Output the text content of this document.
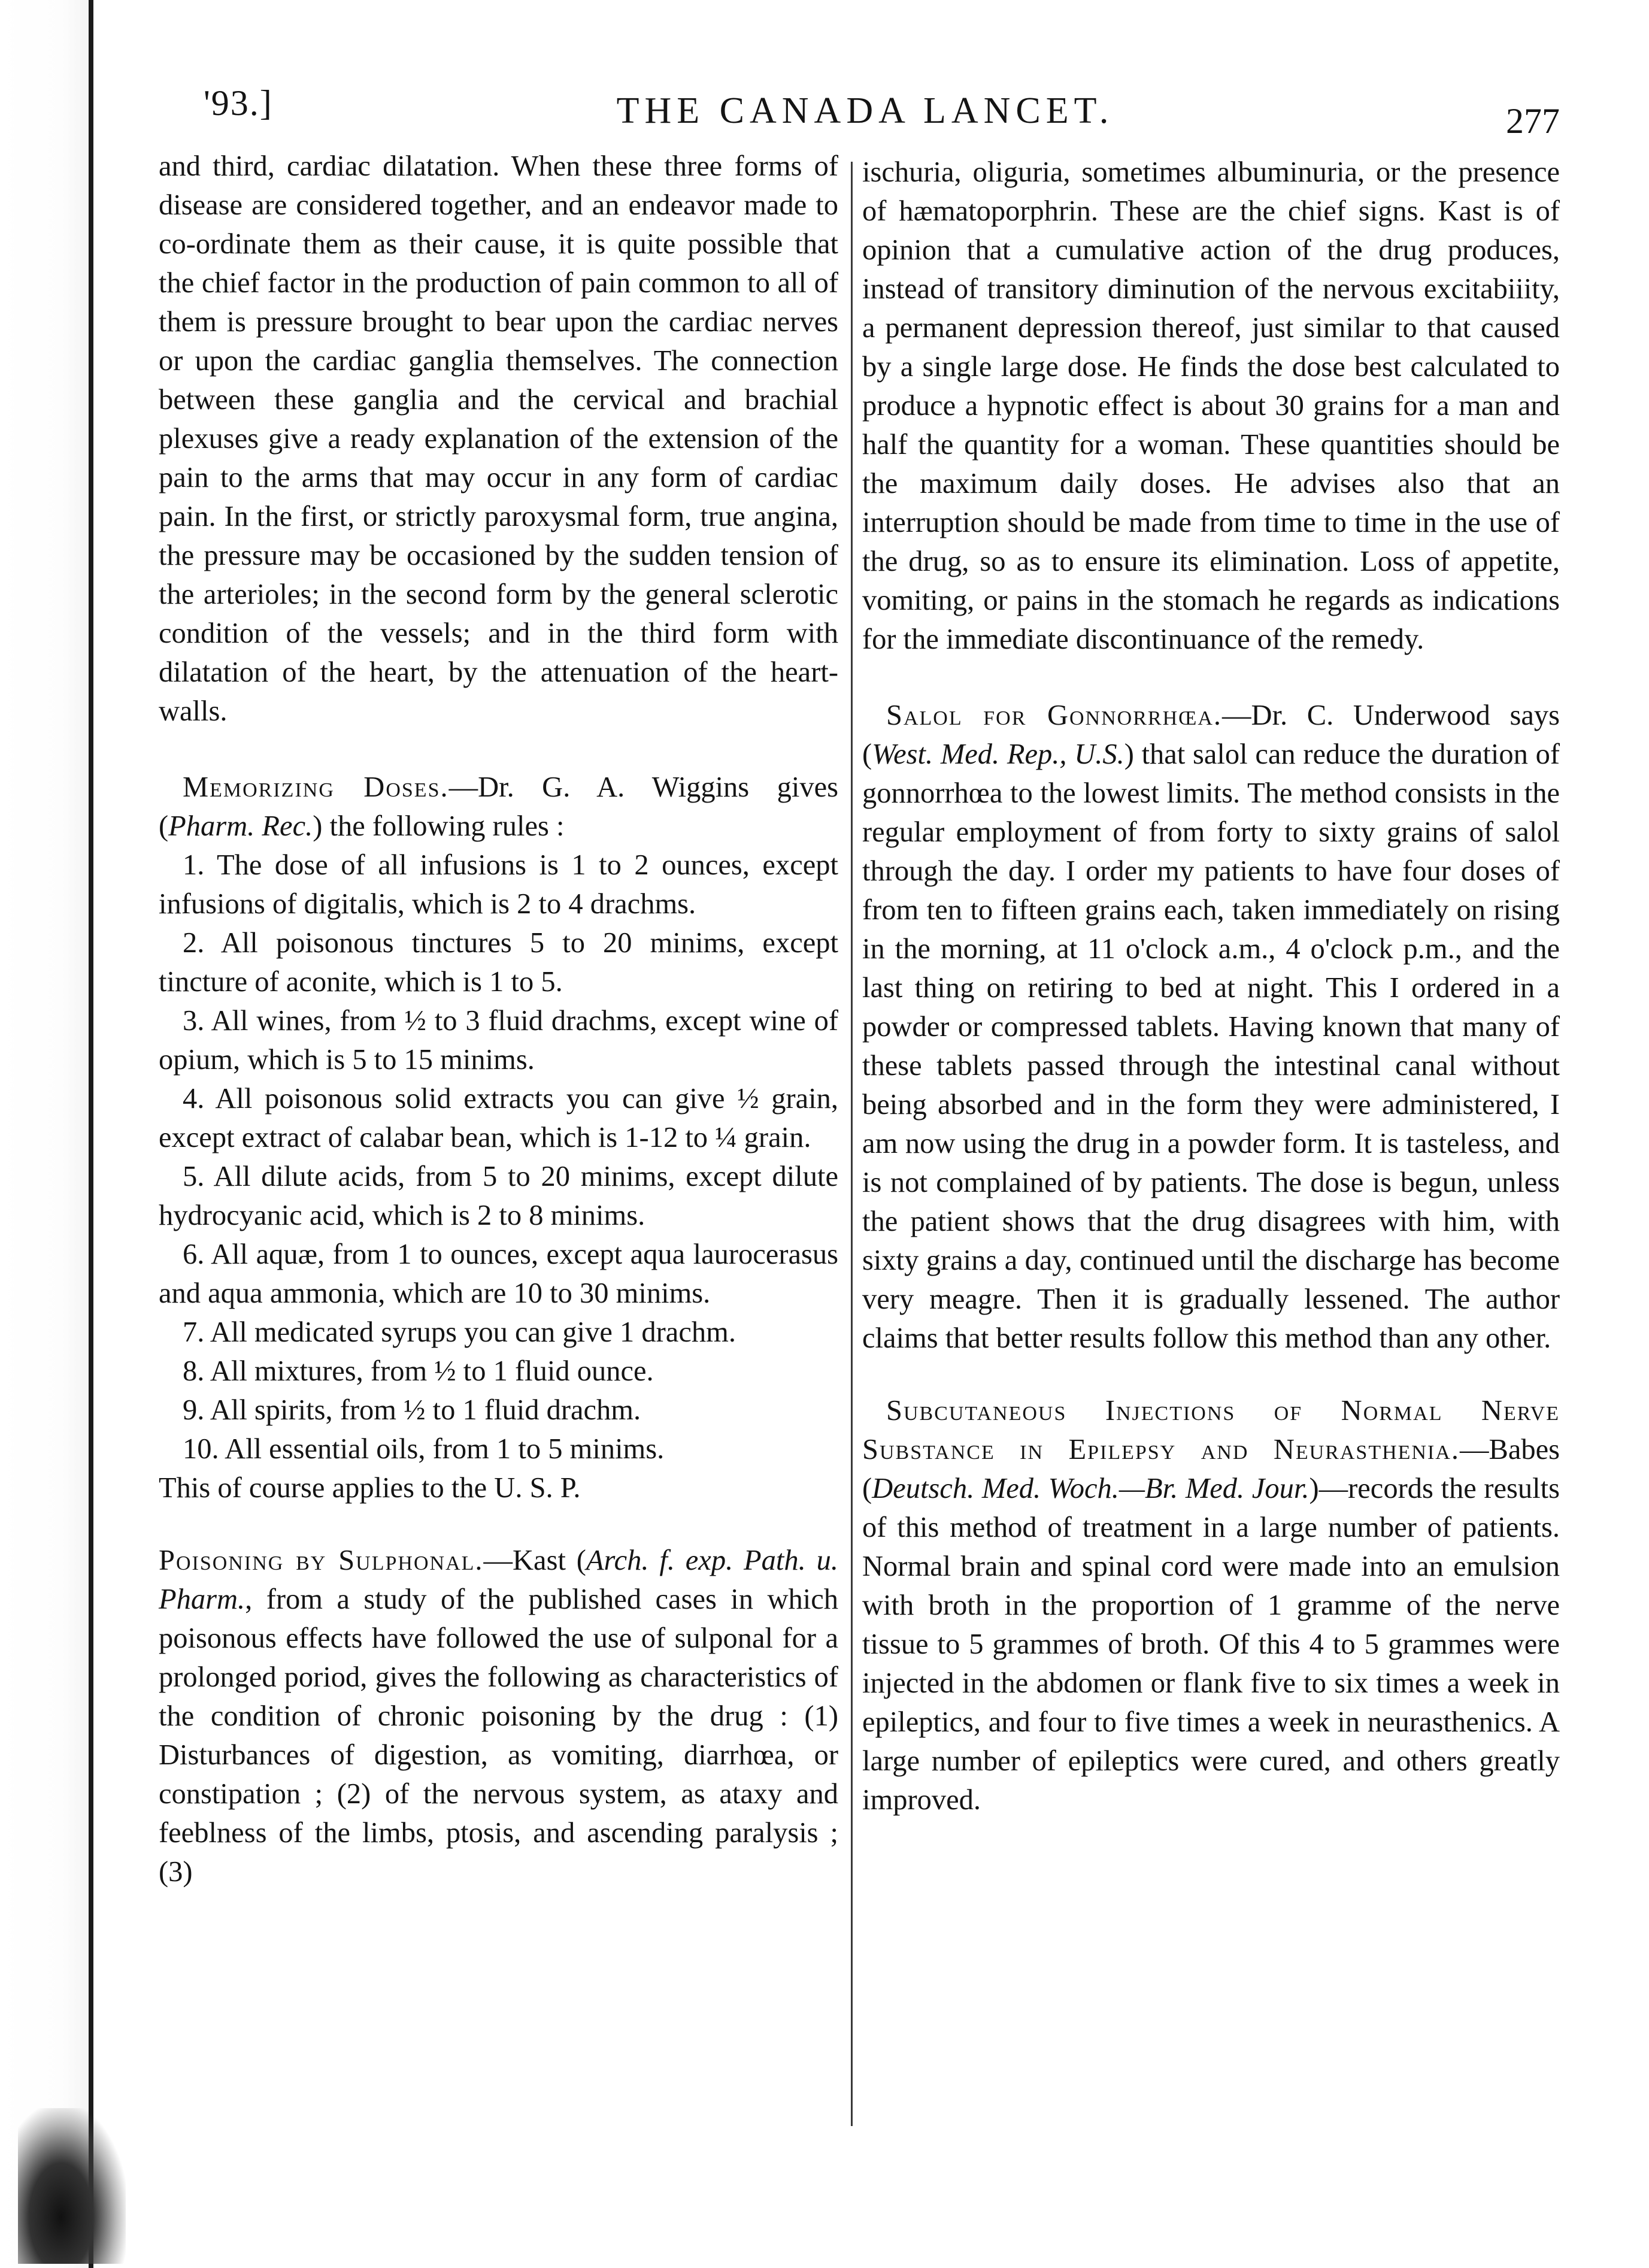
'93.]	THE CANADA LANCET.	277

and third, cardiac dilatation. When these three forms of disease are considered together, and an endeavor made to co-ordinate them as their cause, it is quite possible that the chief factor in the production of pain common to all of them is pressure brought to bear upon the cardiac nerves or upon the cardiac ganglia themselves. The connection between these ganglia and the cervical and brachial plexuses give a ready explanation of the extension of the pain to the arms that may occur in any form of cardiac pain. In the first, or strictly paroxysmal form, true angina, the pressure may be occasioned by the sudden tension of the arterioles; in the second form by the general sclerotic condition of the vessels; and in the third form with dilatation of the heart, by the attenuation of the heart-walls.

Memorizing Doses.—Dr. G. A. Wiggins gives (Pharm. Rec.) the following rules :

1. The dose of all infusions is 1 to 2 ounces, except infusions of digitalis, which is 2 to 4 drachms.

2. All poisonous tinctures 5 to 20 minims, except tincture of aconite, which is 1 to 5.

3. All wines, from ½ to 3 fluid drachms, except wine of opium, which is 5 to 15 minims.

4. All poisonous solid extracts you can give ½ grain, except extract of calabar bean, which is 1-12 to ¼ grain.

5. All dilute acids, from 5 to 20 minims, except dilute hydrocyanic acid, which is 2 to 8 minims.

6. All aquæ, from 1 to ounces, except aqua laurocerasus and aqua ammonia, which are 10 to 30 minims.

7. All medicated syrups you can give 1 drachm.

8. All mixtures, from ½ to 1 fluid ounce.

9. All spirits, from ½ to 1 fluid drachm.

10. All essential oils, from 1 to 5 minims.

This of course applies to the U. S. P.

Poisoning by Sulphonal.—Kast (Arch. f. exp. Path. u. Pharm., from a study of the published cases in which poisonous effects have followed the use of sulponal for a prolonged poriod, gives the following as characteristics of the condition of chronic poisoning by the drug : (1) Disturbances of digestion, as vomiting, diarrhœa, or constipation ; (2) of the nervous system, as ataxy and feeblness of the limbs, ptosis, and ascending paralysis ; (3)

ischuria, oliguria, sometimes albuminuria, or the presence of hæmatoporphrin. These are the chief signs. Kast is of opinion that a cumulative action of the drug produces, instead of transitory diminution of the nervous excitabiiity, a permanent depression thereof, just similar to that caused by a single large dose. He finds the dose best calculated to produce a hypnotic effect is about 30 grains for a man and half the quantity for a woman. These quantities should be the maximum daily doses. He advises also that an interruption should be made from time to time in the use of the drug, so as to ensure its elimination. Loss of appetite, vomiting, or pains in the stomach he regards as indications for the immediate discontinuance of the remedy.

Salol for Gonnorrhœa.—Dr. C. Underwood says (West. Med. Rep., U.S.) that salol can reduce the duration of gonnorrhœa to the lowest limits. The method consists in the regular employment of from forty to sixty grains of salol through the day. I order my patients to have four doses of from ten to fifteen grains each, taken immediately on rising in the morning, at 11 o'clock a.m., 4 o'clock p.m., and the last thing on retiring to bed at night. This I ordered in a powder or compressed tablets. Having known that many of these tablets passed through the intestinal canal without being absorbed and in the form they were administered, I am now using the drug in a powder form. It is tasteless, and is not complained of by patients. The dose is begun, unless the patient shows that the drug disagrees with him, with sixty grains a day, continued until the discharge has become very meagre. Then it is gradually lessened. The author claims that better results follow this method than any other.

Subcutaneous Injections of Normal Nerve Substance in Epilepsy and Neurasthenia.—Babes (Deutsch. Med. Woch.—Br. Med. Jour.)—records the results of this method of treatment in a large number of patients. Normal brain and spinal cord were made into an emulsion with broth in the proportion of 1 gramme of the nerve tissue to 5 grammes of broth. Of this 4 to 5 grammes were injected in the abdomen or flank five to six times a week in epileptics, and four to five times a week in neurasthenics. A large number of epileptics were cured, and others greatly improved.
